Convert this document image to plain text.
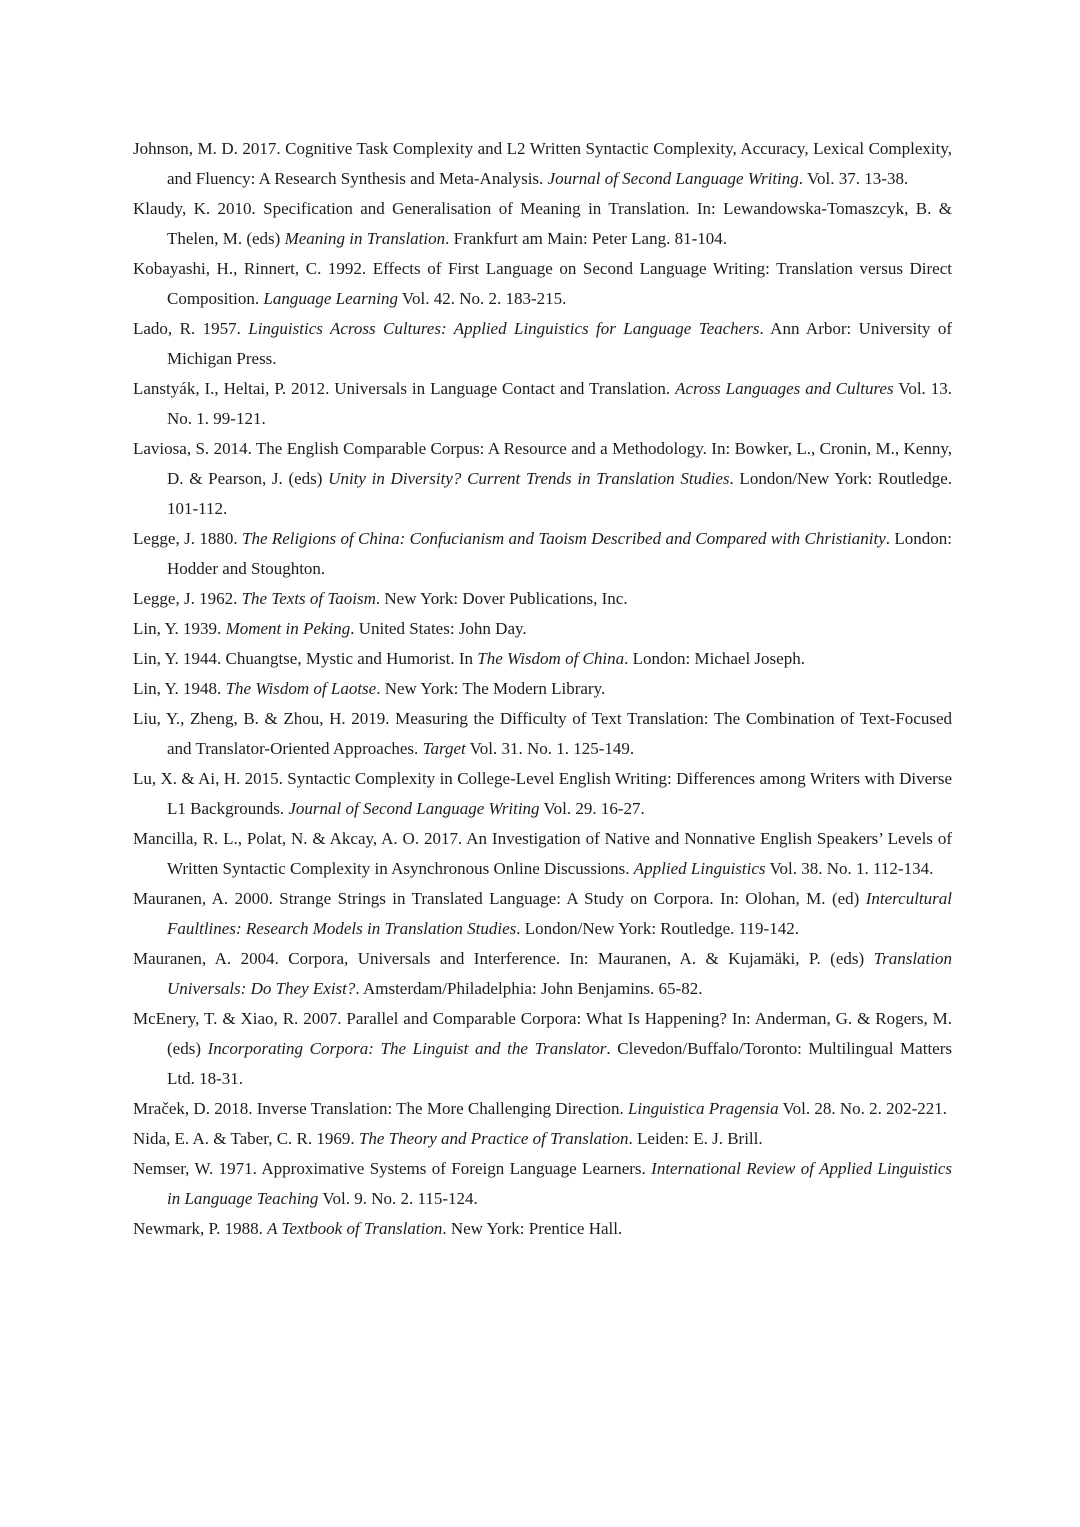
Johnson, M. D. 2017. Cognitive Task Complexity and L2 Written Syntactic Complexity, Accuracy, Lexical Complexity, and Fluency: A Research Synthesis and Meta-Analysis. Journal of Second Language Writing. Vol. 37. 13-38.

Klaudy, K. 2010. Specification and Generalisation of Meaning in Translation. In: Lewandowska-Tomaszcyk, B. & Thelen, M. (eds) Meaning in Translation. Frankfurt am Main: Peter Lang. 81-104.

Kobayashi, H., Rinnert, C. 1992. Effects of First Language on Second Language Writing: Translation versus Direct Composition. Language Learning Vol. 42. No. 2. 183-215.

Lado, R. 1957. Linguistics Across Cultures: Applied Linguistics for Language Teachers. Ann Arbor: University of Michigan Press.

Lanstyák, I., Heltai, P. 2012. Universals in Language Contact and Translation. Across Languages and Cultures Vol. 13. No. 1. 99-121.

Laviosa, S. 2014. The English Comparable Corpus: A Resource and a Methodology. In: Bowker, L., Cronin, M., Kenny, D. & Pearson, J. (eds) Unity in Diversity? Current Trends in Translation Studies. London/New York: Routledge. 101-112.

Legge, J. 1880. The Religions of China: Confucianism and Taoism Described and Compared with Christianity. London: Hodder and Stoughton.

Legge, J. 1962. The Texts of Taoism. New York: Dover Publications, Inc.

Lin, Y. 1939. Moment in Peking. United States: John Day.

Lin, Y. 1944. Chuangtse, Mystic and Humorist. In The Wisdom of China. London: Michael Joseph.

Lin, Y. 1948. The Wisdom of Laotse. New York: The Modern Library.

Liu, Y., Zheng, B. & Zhou, H. 2019. Measuring the Difficulty of Text Translation: The Combination of Text-Focused and Translator-Oriented Approaches. Target Vol. 31. No. 1. 125-149.

Lu, X. & Ai, H. 2015. Syntactic Complexity in College-Level English Writing: Differences among Writers with Diverse L1 Backgrounds. Journal of Second Language Writing Vol. 29. 16-27.

Mancilla, R. L., Polat, N. & Akcay, A. O. 2017. An Investigation of Native and Nonnative English Speakers’ Levels of Written Syntactic Complexity in Asynchronous Online Discussions. Applied Linguistics Vol. 38. No. 1. 112-134.

Mauranen, A. 2000. Strange Strings in Translated Language: A Study on Corpora. In: Olohan, M. (ed) Intercultural Faultlines: Research Models in Translation Studies. London/New York: Routledge. 119-142.

Mauranen, A. 2004. Corpora, Universals and Interference. In: Mauranen, A. & Kujamäki, P. (eds) Translation Universals: Do They Exist?. Amsterdam/Philadelphia: John Benjamins. 65-82.

McEnery, T. & Xiao, R. 2007. Parallel and Comparable Corpora: What Is Happening? In: Anderman, G. & Rogers, M. (eds) Incorporating Corpora: The Linguist and the Translator. Clevedon/Buffalo/Toronto: Multilingual Matters Ltd. 18-31.

Mraček, D. 2018. Inverse Translation: The More Challenging Direction. Linguistica Pragensia Vol. 28. No. 2. 202-221.

Nida, E. A. & Taber, C. R. 1969. The Theory and Practice of Translation. Leiden: E. J. Brill.

Nemser, W. 1971. Approximative Systems of Foreign Language Learners. International Review of Applied Linguistics in Language Teaching Vol. 9. No. 2. 115-124.

Newmark, P. 1988. A Textbook of Translation. New York: Prentice Hall.
